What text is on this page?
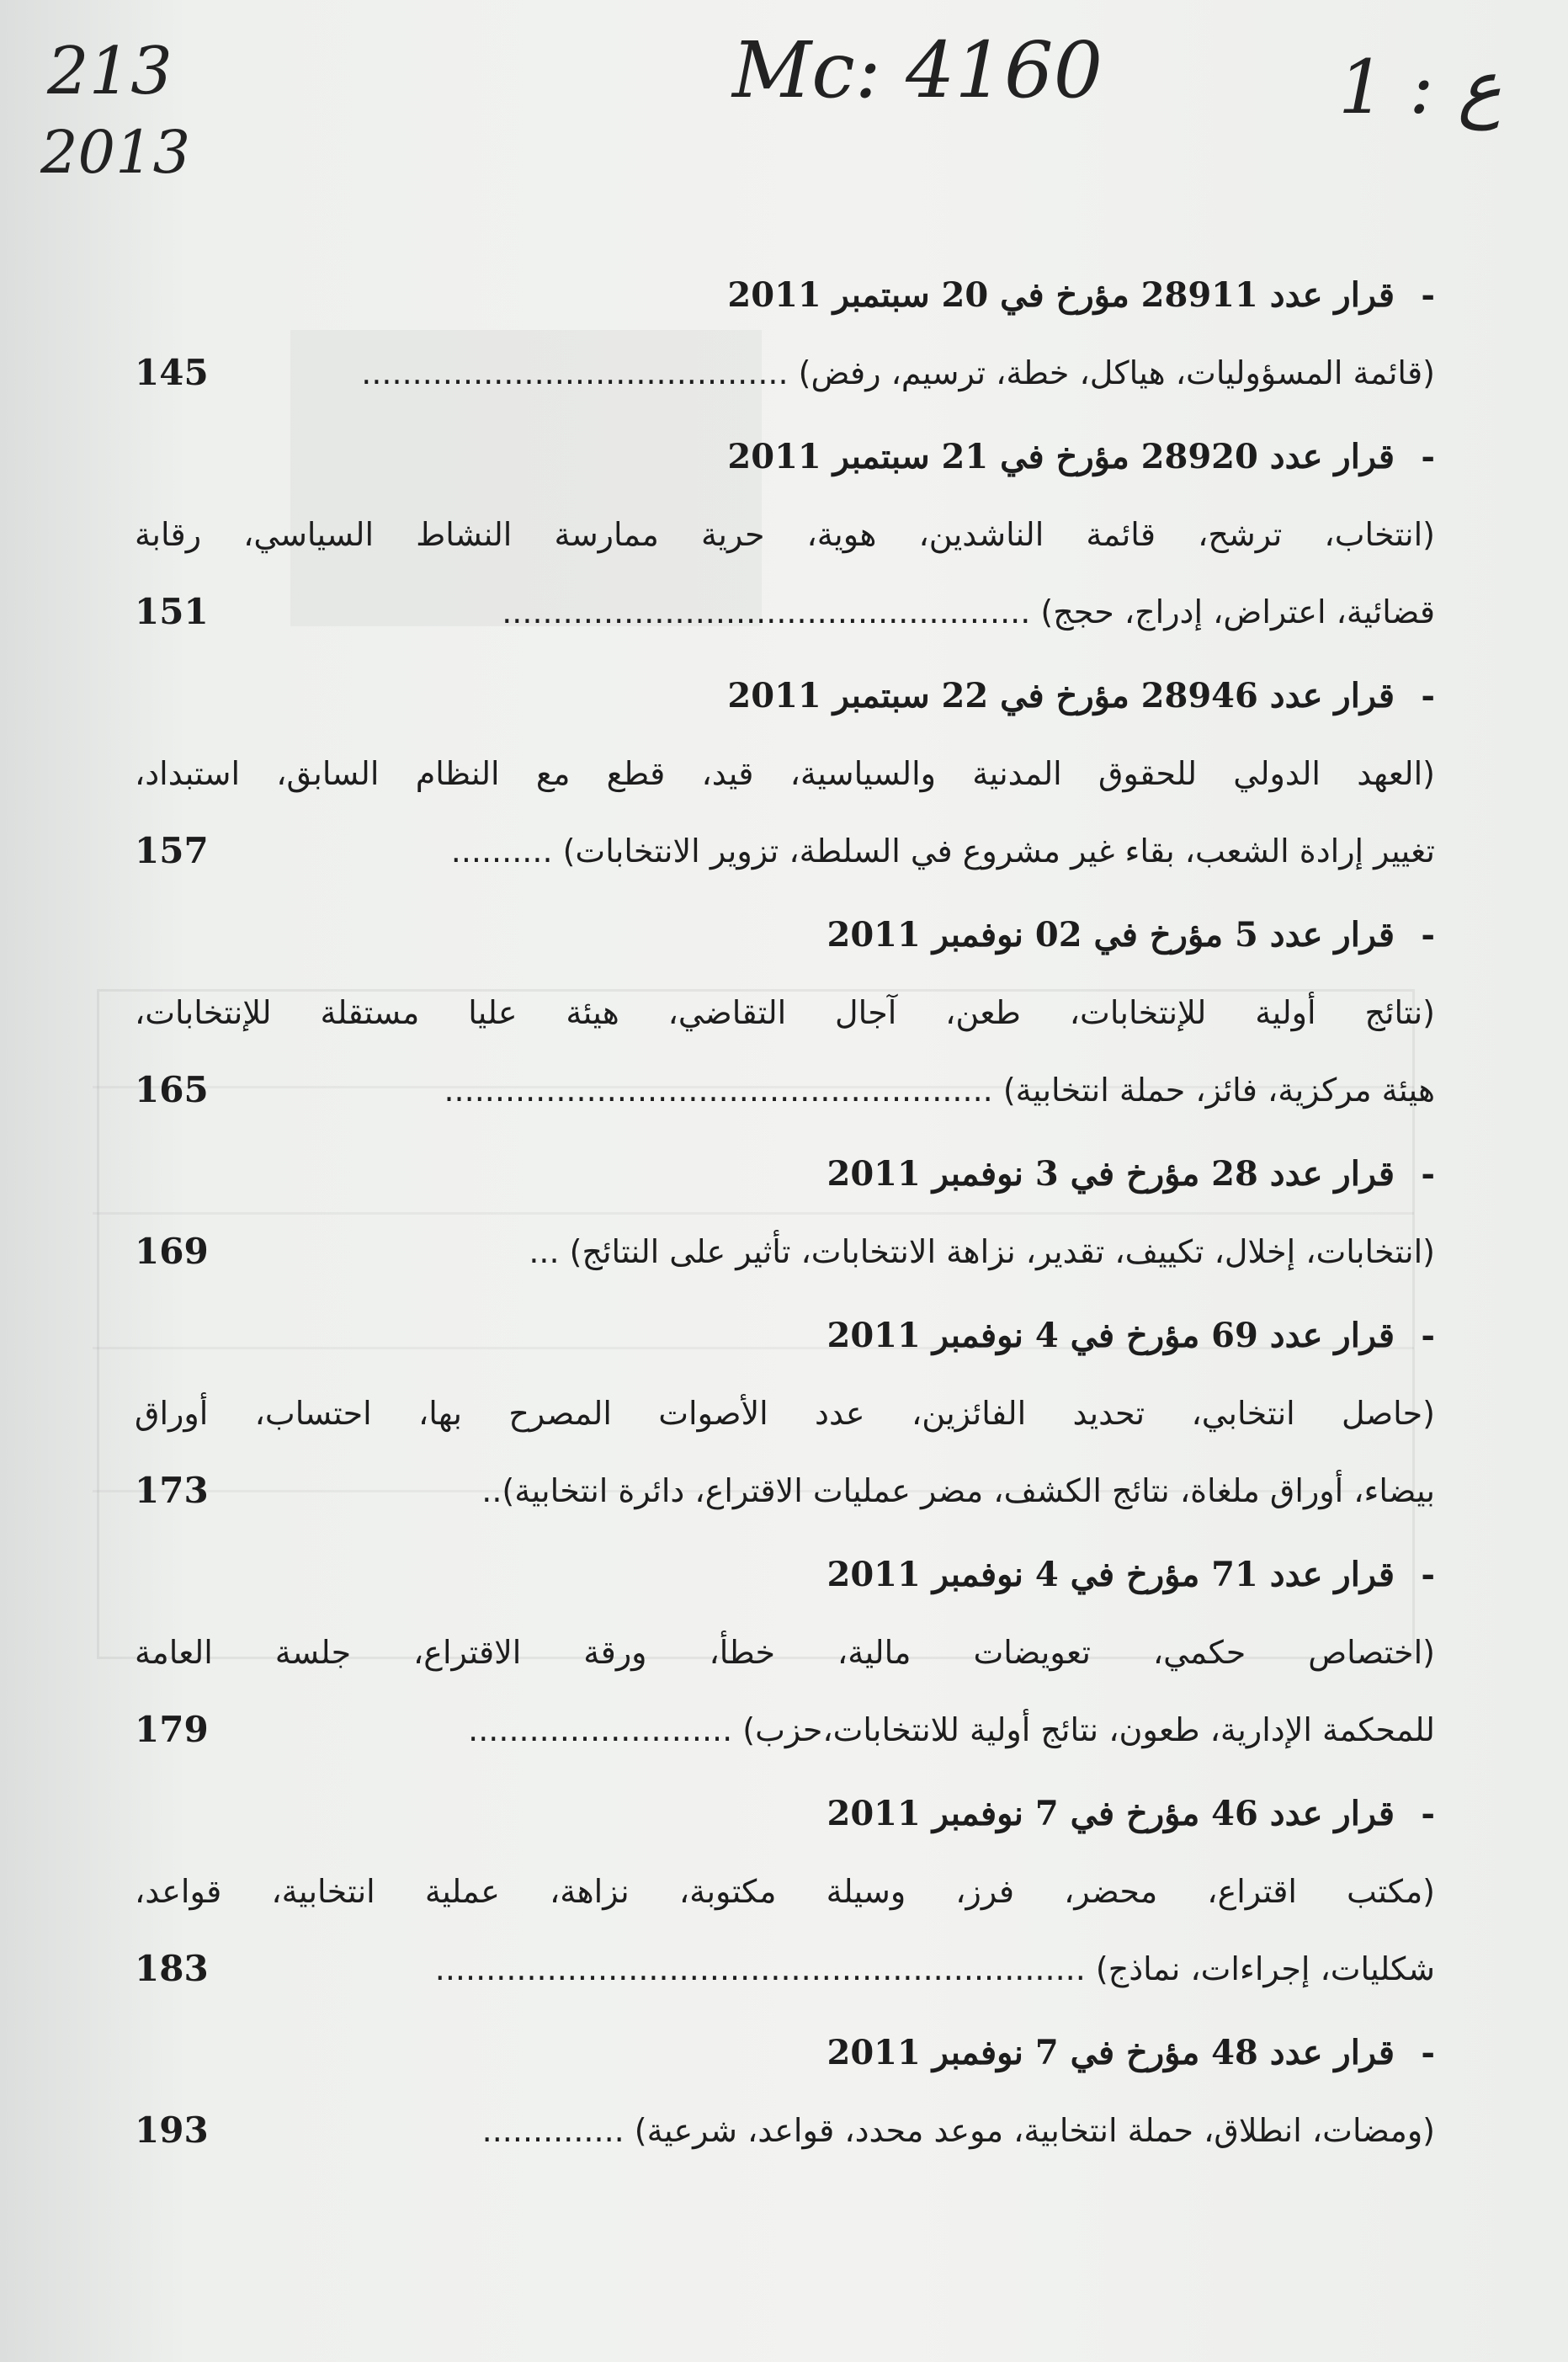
213
2013
Mc: 4160	ع : 1
-
قرار عدد 28911 مؤرخ في 20 سبتمبر 2011
(قائمة المسؤوليات، هياكل، خطة، ترسيم، رفض) ..........................................
145
-
قرار عدد 28920 مؤرخ في 21 سبتمبر 2011
(انتخاب، ترشح، قائمة الناشدين، هوية، حرية ممارسة النشاط السياسي، رقابة
قضائية، اعتراض، إدراج، حجج) ....................................................
151
-
قرار عدد 28946 مؤرخ في 22 سبتمبر 2011
(العهد الدولي للحقوق المدنية والسياسية، قيد، قطع مع النظام السابق، استبداد،
تغيير إرادة الشعب، بقاء غير مشروع في السلطة، تزوير الانتخابات) ..........
157
-
قرار عدد 5 مؤرخ في 02 نوفمبر 2011
(نتائج أولية للإنتخابات، طعن، آجال التقاضي، هيئة عليا مستقلة للإنتخابات،
هيئة مركزية، فائز، حملة انتخابية) ......................................................
165
-
قرار عدد 28 مؤرخ في 3 نوفمبر 2011
(انتخابات، إخلال، تكييف، تقدير، نزاهة الانتخابات، تأثير على النتائج) ...
169
-
قرار عدد 69 مؤرخ في 4 نوفمبر 2011
(حاصل انتخابي، تحديد الفائزين، عدد الأصوات المصرح بها، احتساب، أوراق
بيضاء، أوراق ملغاة، نتائج الكشف، مضر عمليات الاقتراع، دائرة انتخابية)..
173
-
قرار عدد 71 مؤرخ في 4 نوفمبر 2011
(اختصاص حكمي، تعويضات مالية، خطأ، ورقة الاقتراع، جلسة العامة
للمحكمة الإدارية، طعون، نتائج أولية للانتخابات،حزب) ..........................
179
-
قرار عدد 46 مؤرخ في 7 نوفمبر 2011
(مكتب اقتراع، محضر، فرز، وسيلة مكتوبة، نزاهة، عملية انتخابية، قواعد،
شكليات، إجراءات، نماذج) ................................................................
183
-
قرار عدد 48 مؤرخ في 7 نوفمبر 2011
(ومضات، انطلاق، حملة انتخابية، موعد محدد، قواعد، شرعية) ..............
193
